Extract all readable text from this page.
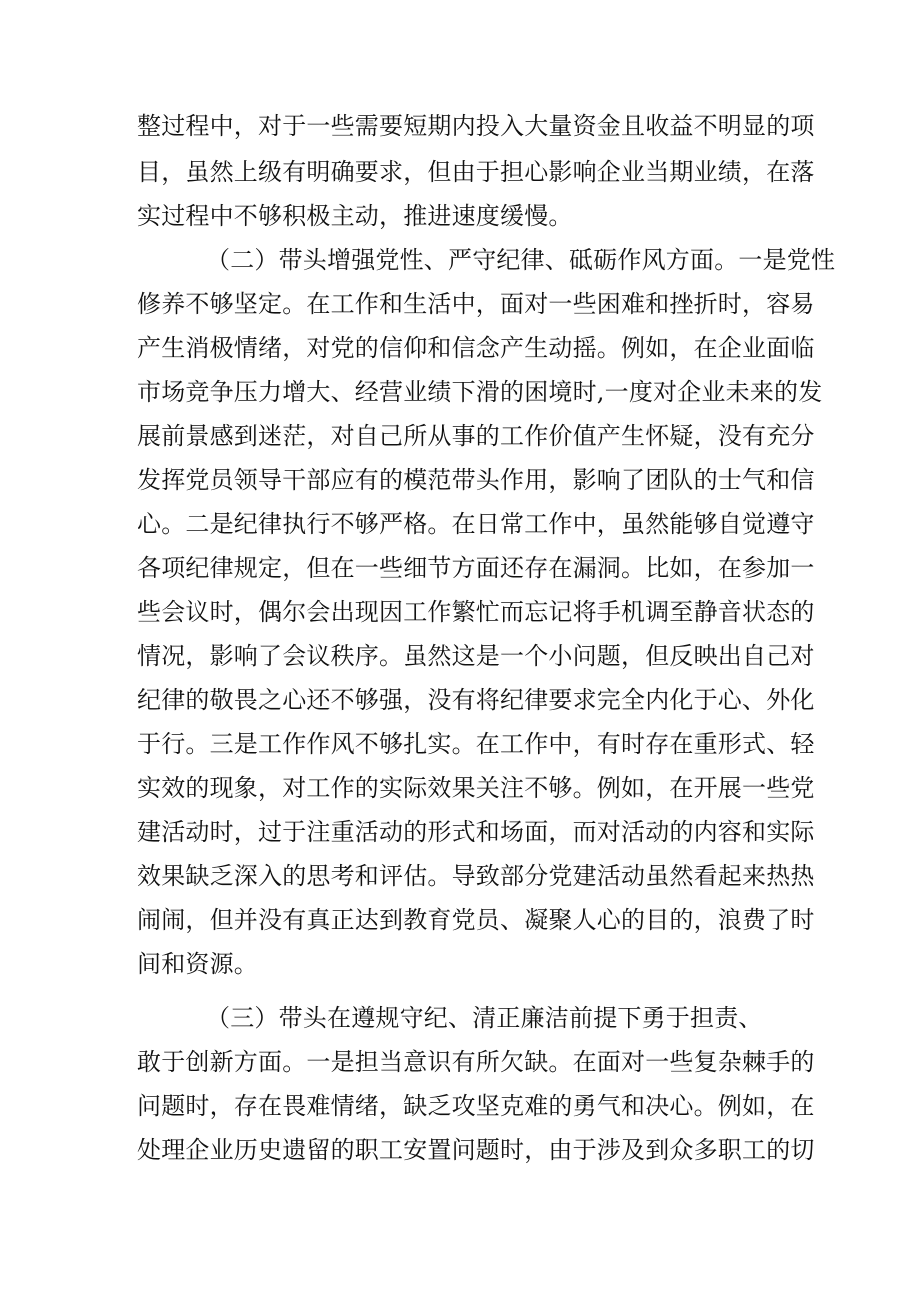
整过程中，对于一些需要短期内投入大量资金且收益不明显的项
目，虽然上级有明确要求，但由于担心影响企业当期业绩，在落
实过程中不够积极主动，推进速度缓慢。
（二）带头增强党性、严守纪律、砥砺作风方面。一是党性
修养不够坚定。在工作和生活中，面对一些困难和挫折时，容易
产生消极情绪，对党的信仰和信念产生动摇。例如，在企业面临
市场竞争压力增大、经营业绩下滑的困境时,一度对企业未来的发
展前景感到迷茫，对自己所从事的工作价值产生怀疑，没有充分
发挥党员领导干部应有的模范带头作用，影响了团队的士气和信
心。二是纪律执行不够严格。在日常工作中，虽然能够自觉遵守
各项纪律规定，但在一些细节方面还存在漏洞。比如，在参加一
些会议时，偶尔会出现因工作繁忙而忘记将手机调至静音状态的
情况，影响了会议秩序。虽然这是一个小问题，但反映出自己对
纪律的敬畏之心还不够强，没有将纪律要求完全内化于心、外化
于行。三是工作作风不够扎实。在工作中，有时存在重形式、轻
实效的现象，对工作的实际效果关注不够。例如，在开展一些党
建活动时，过于注重活动的形式和场面，而对活动的内容和实际
效果缺乏深入的思考和评估。导致部分党建活动虽然看起来热热
闹闹，但并没有真正达到教育党员、凝聚人心的目的，浪费了时
间和资源。
（三）带头在遵规守纪、清正廉洁前提下勇于担责、
敢于创新方面。一是担当意识有所欠缺。在面对一些复杂棘手的
问题时，存在畏难情绪，缺乏攻坚克难的勇气和决心。例如，在
处理企业历史遗留的职工安置问题时，由于涉及到众多职工的切
